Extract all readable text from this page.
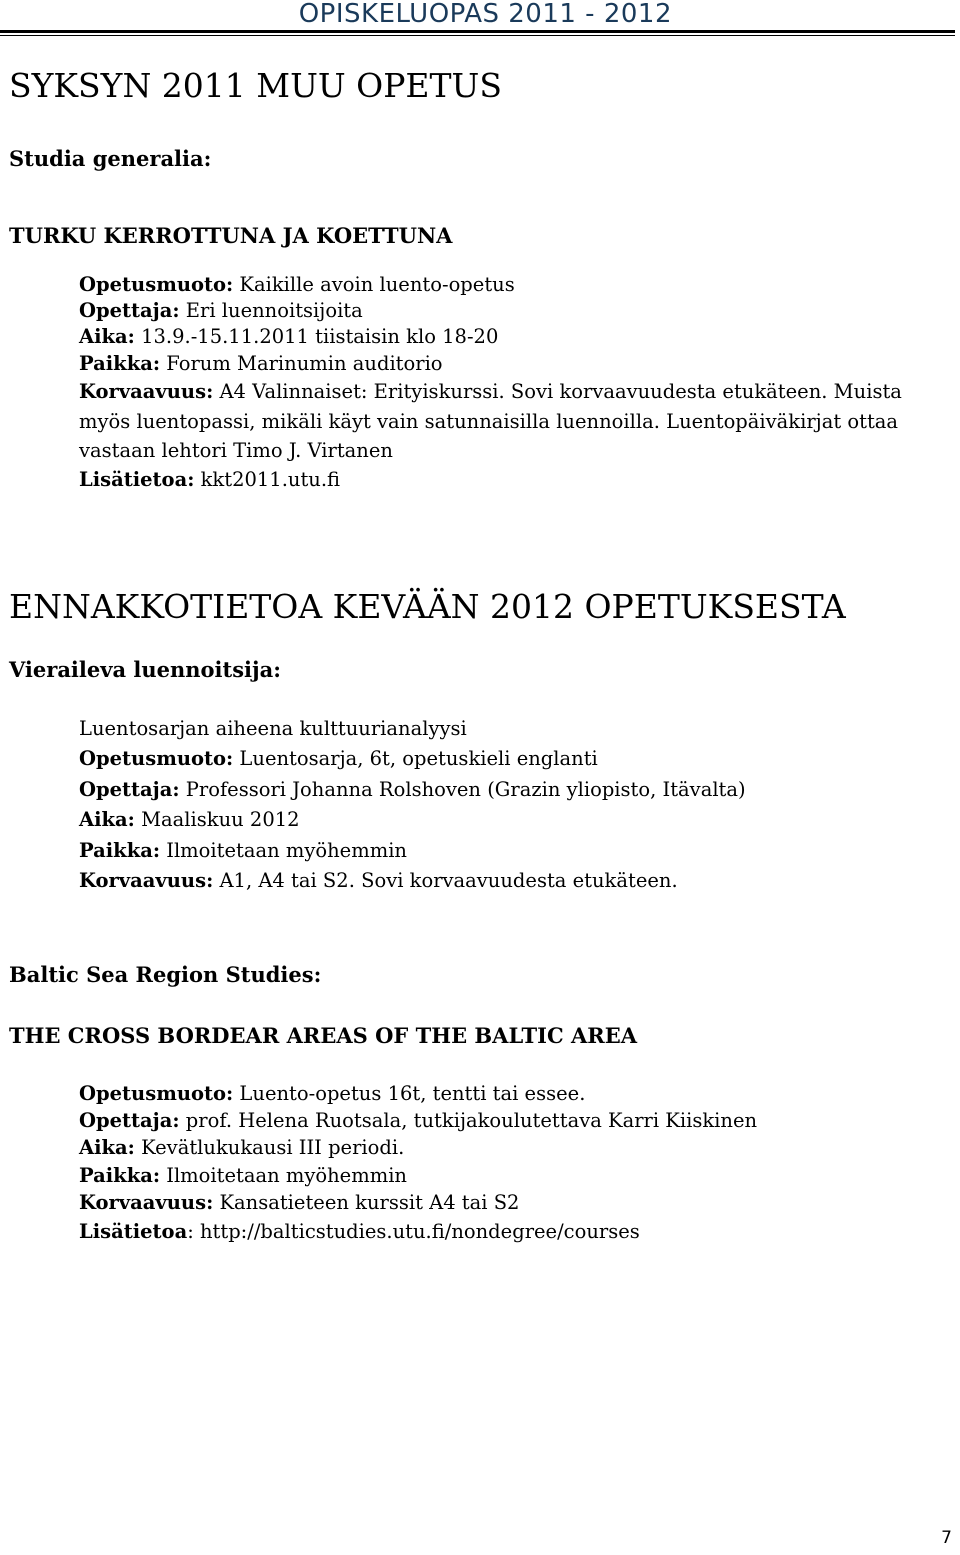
OPISKELUOPAS 2011 - 2012
SYKSYN 2011 MUU OPETUS
Studia generalia:
TURKU KERROTTUNA JA KOETTUNA
Opetusmuoto: Kaikille avoin luento-opetus
Opettaja: Eri luennoitsijoita
Aika: 13.9.-15.11.2011 tiistaisin klo 18-20
Paikka: Forum Marinumin auditorio
Korvaavuus: A4 Valinnaiset: Erityiskurssi. Sovi korvaavuudesta etukäteen. Muista
myös luentopassi, mikäli käyt vain satunnaisilla luennoilla. Luentopäiväkirjat ottaa
vastaan lehtori Timo J. Virtanen
Lisätietoa: kkt2011.utu.fi
ENNAKKOTIETOA KEVÄÄN 2012 OPETUKSESTA
Vieraileva luennoitsija:
Luentosarjan aiheena kulttuurianalyysi
Opetusmuoto: Luentosarja, 6t, opetuskieli englanti
Opettaja: Professori Johanna Rolshoven (Grazin yliopisto, Itävalta)
Aika: Maaliskuu 2012
Paikka: Ilmoitetaan myöhemmin
Korvaavuus: A1, A4 tai S2. Sovi korvaavuudesta etukäteen.
Baltic Sea Region Studies:
THE CROSS BORDEAR AREAS OF THE BALTIC AREA
Opetusmuoto: Luento-opetus 16t, tentti tai essee.
Opettaja: prof. Helena Ruotsala, tutkijakoulutettava Karri Kiiskinen
Aika: Kevätlukukausi III periodi.
Paikka: Ilmoitetaan myöhemmin
Korvaavuus: Kansatieteen kurssit A4 tai S2
Lisätietoa: http://balticstudies.utu.fi/nondegree/courses
7
